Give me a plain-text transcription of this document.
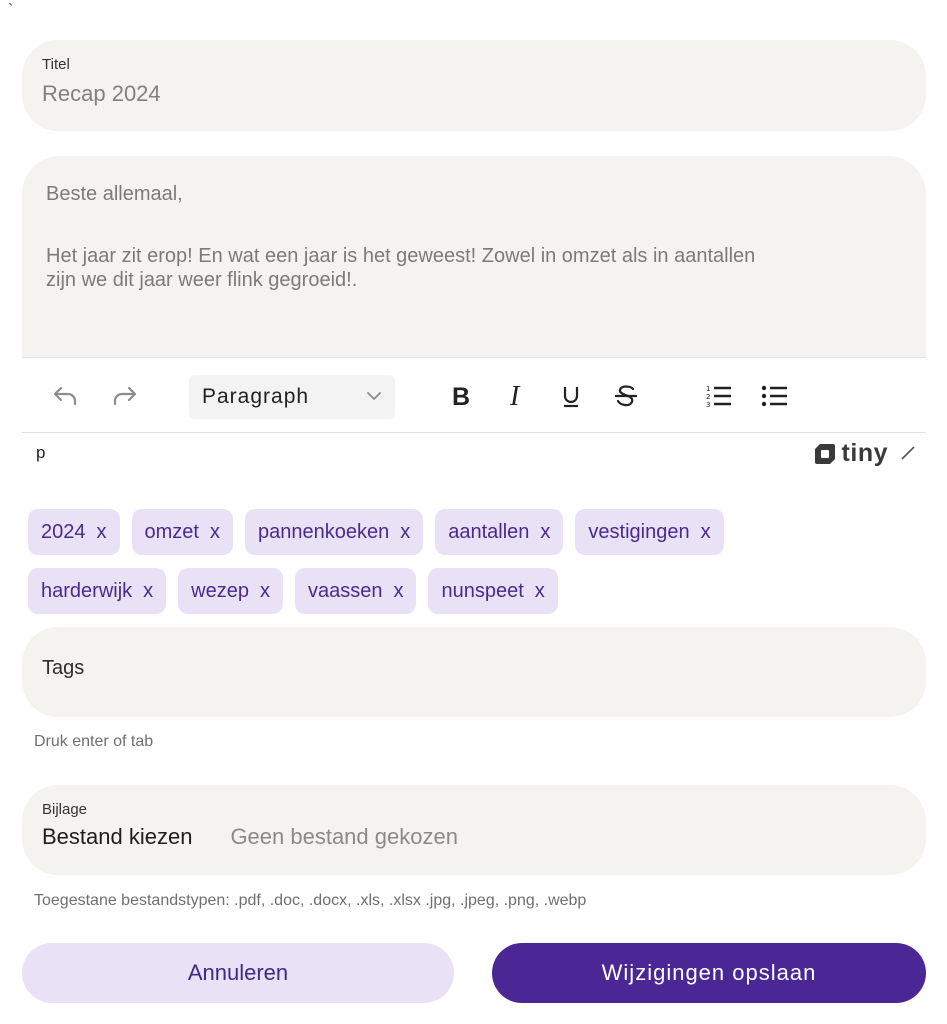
`
Titel
Recap 2024

Beste allemaal,

Het jaar zit erop! En wat een jaar is het geweest! Zowel in omzet als in aantallen

zijn we dit jaar weer flink gegroeid!.

Paragraph	B I	1
2
3
p	tiny
2024 x omzet x pannenkoeken x aantallen x vestigingen x
harderwijk x wezep x vaassen x nunspeet x
Tags
Druk enter of tab
Bijlage
Bestand kiezen Geen bestand gekozen
Toegestane bestandstypen: .pdf, .doc, .docx, .xls, .xlsx .jpg, .jpeg, .png, .webp
Annuleren	Wijzigingen opslaan
